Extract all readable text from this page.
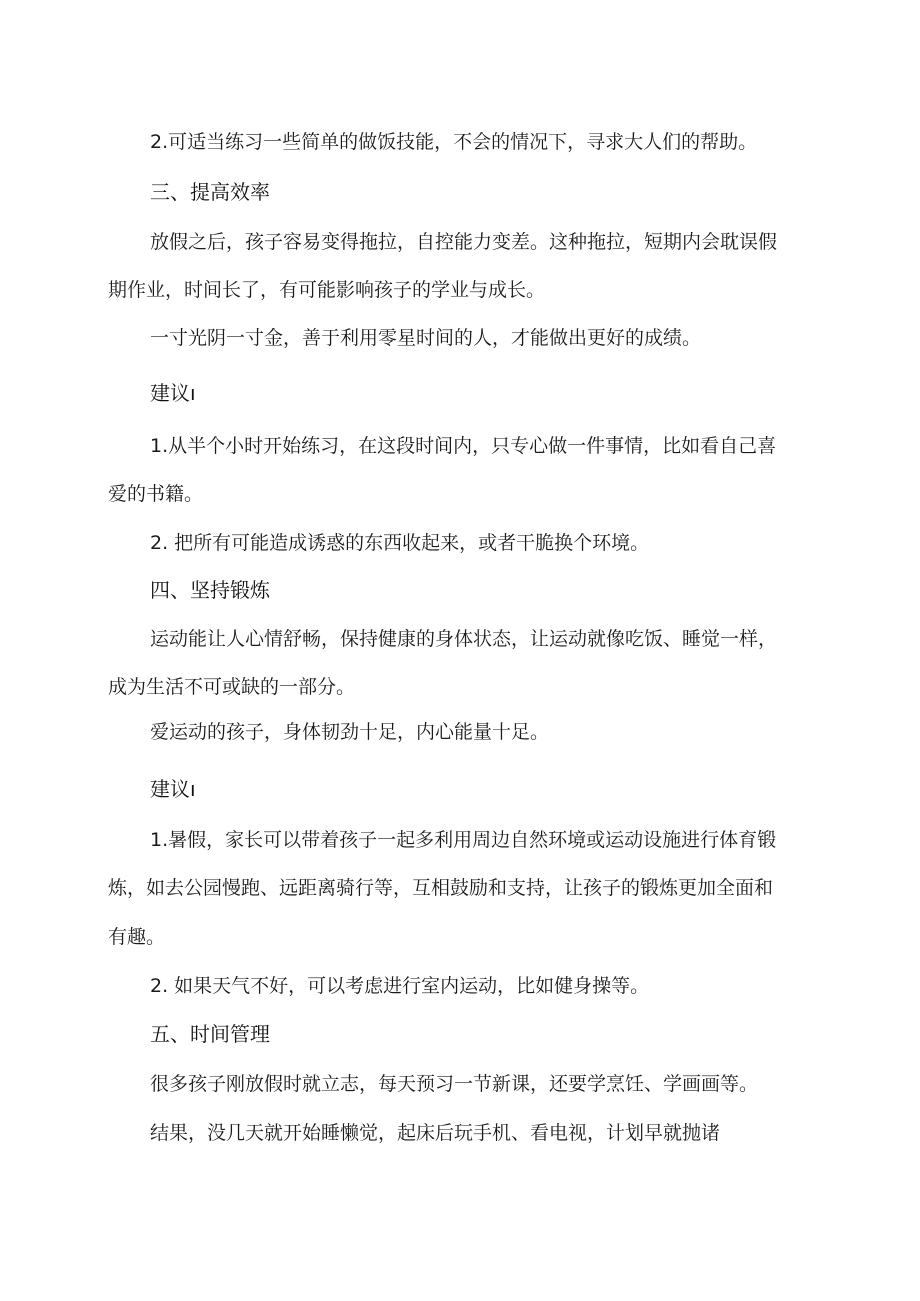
2.可适当练习一些简单的做饭技能，不会的情况下，寻求大人们的帮助。
三、提高效率
放假之后，孩子容易变得拖拉，自控能力变差。这种拖拉，短期内会耽误假
期作业，时间长了，有可能影响孩子的学业与成长。
一寸光阴一寸金，善于利用零星时间的人，才能做出更好的成绩。
建议ı
1.从半个小时开始练习，在这段时间内，只专心做一件事情，比如看自己喜
爱的书籍。
2. 把所有可能造成诱惑的东西收起来，或者干脆换个环境。
四、坚持锻炼
运动能让人心情舒畅，保持健康的身体状态，让运动就像吃饭、睡觉一样，
成为生活不可或缺的一部分。
爱运动的孩子，身体韧劲十足，内心能量十足。
建议ı
1.暑假，家长可以带着孩子一起多利用周边自然环境或运动设施进行体育锻
炼，如去公园慢跑、远距离骑行等，互相鼓励和支持，让孩子的锻炼更加全面和
有趣。
2. 如果天气不好，可以考虑进行室内运动，比如健身操等。
五、时间管理
很多孩子刚放假时就立志，每天预习一节新课，还要学烹饪、学画画等。
结果，没几天就开始睡懒觉，起床后玩手机、看电视，计划早就抛诸
